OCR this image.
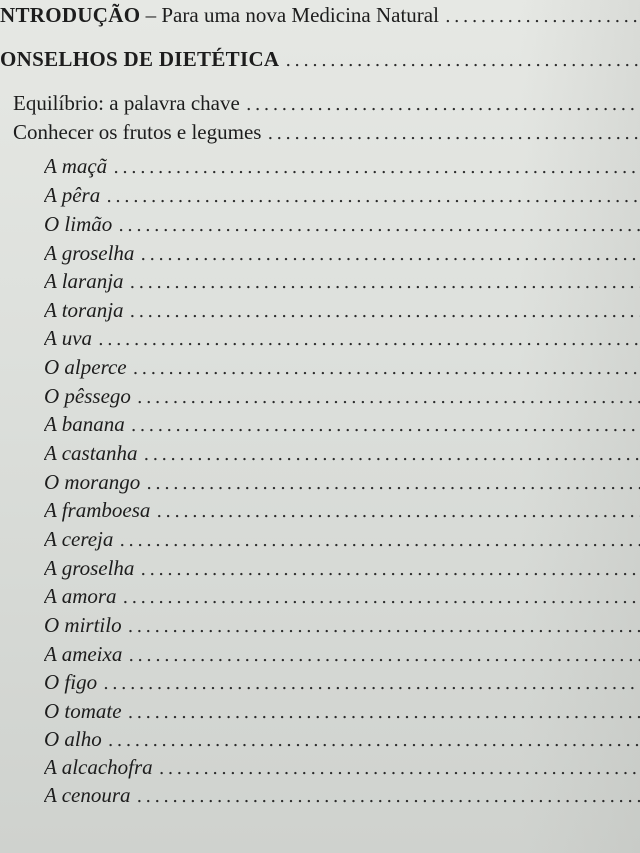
NTRODUÇÃO – Para uma nova Medicina Natural
.....
ONSELHOS DE DIETÉTICA
.....
Equilíbrio: a palavra chave
.....
Conhecer os frutos e legumes
.....
A maçã
.....
A pêra
.....
O limão
.....
A groselha
.....
A laranja
.....
A toranja
.....
A uva
.....
O alperce
.....
O pêssego
.....
A banana
.....
A castanha
.....
O morango
.....
A framboesa
.....
A cereja
.....
A groselha
.....
A amora
.....
O mirtilo
.....
A ameixa
.....
O figo
.....
O tomate
.....
O alho
.....
A alcachofra
.....
A cenoura
.....
